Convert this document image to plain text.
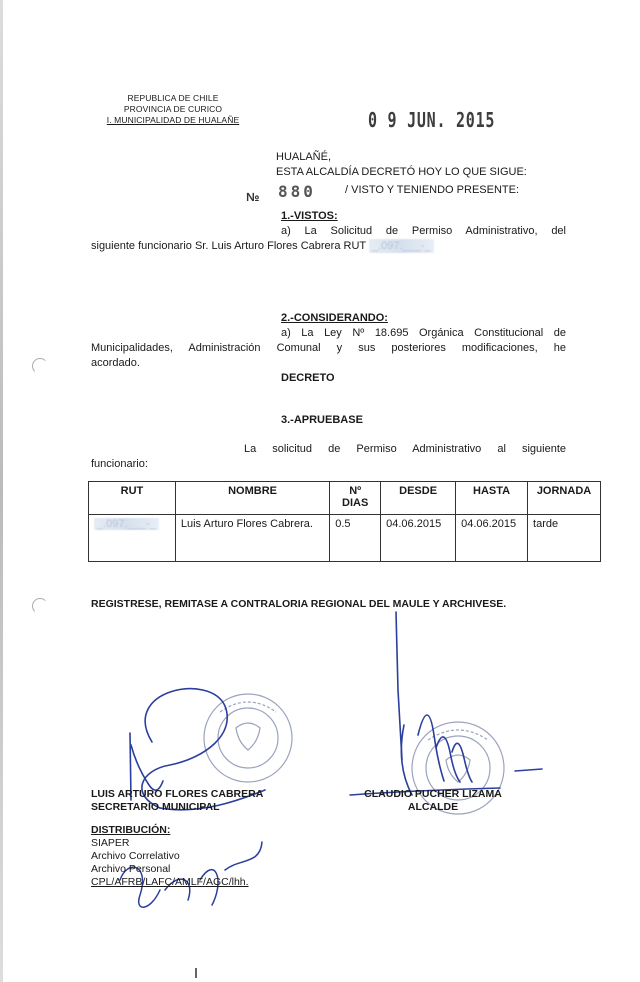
REPUBLICA DE CHILE
PROVINCIA DE CURICO
I. MUNICIPALIDAD DE HUALAÑE	0 9 JUN. 2015
HUALAÑÉ,
ESTA ALCALDÍA DECRETÓ HOY LO QUE SIGUE:
№ 880	/ VISTO Y TENIENDO PRESENTE:
1.-VISTOS:
a) La Solicitud de Permiso Administrativo, del
siguiente funcionario Sr. Luis Arturo Flores Cabrera RUT _.097.___-_
2.-CONSIDERANDO:
a) La Ley Nº 18.695 Orgánica Constitucional de
Municipalidades, Administración Comunal y sus posteriores modificaciones, he
acordado.
DECRETO
3.-APRUEBASE
La solicitud de Permiso Administrativo al siguiente
funcionario:
RUT	NOMBRE	Nº DIAS	DESDE	HASTA	JORNADA
_.097.___-_	Luis Arturo Flores Cabrera.	0.5	04.06.2015	04.06.2015	tarde
REGISTRESE, REMITASE A CONTRALORIA REGIONAL DEL MAULE Y ARCHIVESE.
LUIS ARTURO FLORES CABRERA
SECRETARIO MUNICIPAL
CLAUDIO PUCHER LIZAMA
ALCALDE
DISTRIBUCIÓN:
SIAPER
Archivo Correlativo
Archivo Personal
CPL/AFRB/LAFC/AMLF/AGC/lhh.
